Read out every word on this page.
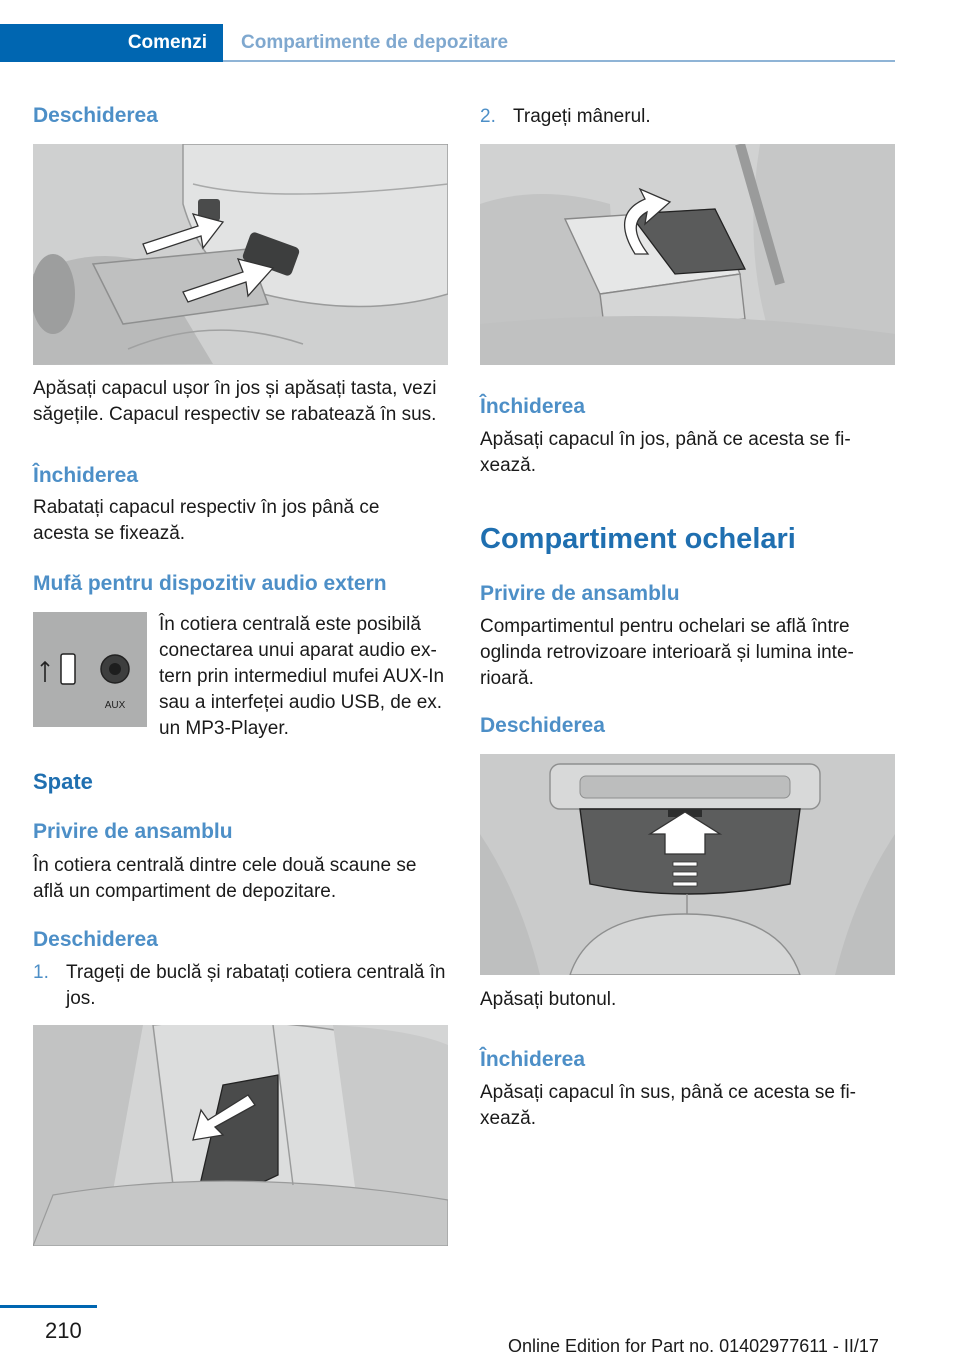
Comenzi	Compartimente de depozitare
Deschiderea
Apăsați capacul ușor în jos și apăsați tasta, vezi săgețile. Capacul respectiv se rabatează în sus.
Închiderea
Rabatați capacul respectiv în jos până ce acesta se fixează.
Mufă pentru dispozitiv audio extern
AUX
În cotiera centrală este posibilă conectarea unui aparat audio ex‐tern prin intermediul mufei AUX-In sau a interfeței audio USB, de ex. un MP3-Player.
Spate
Privire de ansamblu
În cotiera centrală dintre cele două scaune se află un compartiment de depozitare.
Deschiderea
1. Trageți de buclă și rabatați cotiera centrală în jos.
2. Trageți mânerul.
Închiderea
Apăsați capacul în jos, până ce acesta se fi‐xează.
Compartiment ochelari
Privire de ansamblu
Compartimentul pentru ochelari se află între oglinda retrovizoare interioară și lumina inte‐rioară.
Deschiderea
Apăsați butonul.
Închiderea
Apăsați capacul în sus, până ce acesta se fi‐xează.
210
Online Edition for Part no. 01402977611 - II/17
